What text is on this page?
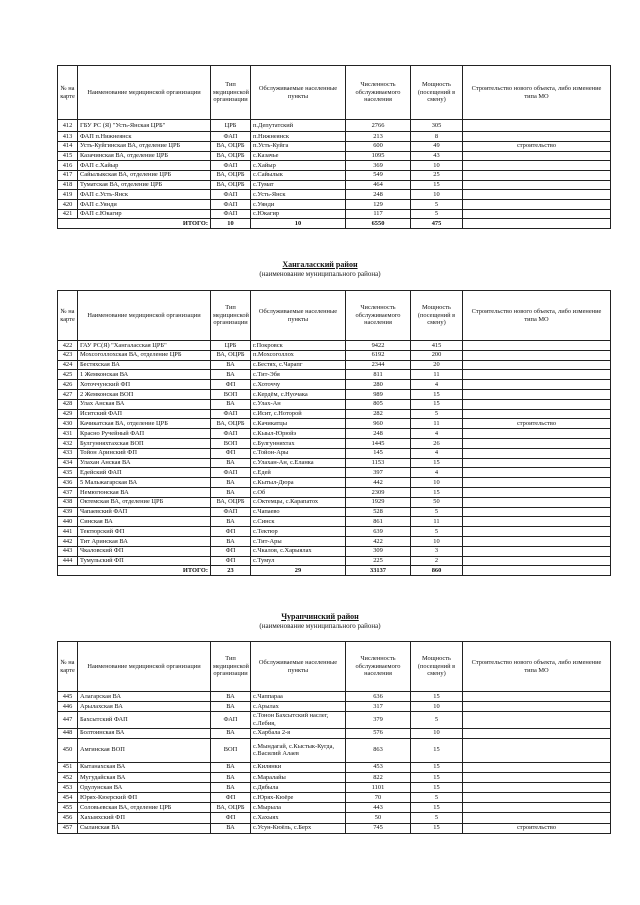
№ на карте	Наименование медицинской организации	Тип медицинской организации	Обслуживаемые населенные пункты	Численность обслуживаемого населения	Мощность (посещений в смену)	Строительство нового объекта, либо изменение типа МО
412	ГБУ РС (Я) "Усть-Янская ЦРБ"	ЦРБ	п.Депутатский	2766	305	
413	ФАП п.Нижнеянск	ФАП	п.Нижнеянск	213	8	
414	Усть-Куйгинская ВА, отделение ЦРБ	ВА, ОЦРБ	п.Усть-Куйга	600	49	строительство
415	Казачинская ВА, отделение ЦРБ	ВА, ОЦРБ	с.Казачье	1095	43	
416	ФАП с.Хайыр	ФАП	с.Хайыр	369	10	
417	Сайылыкская ВА, отделение ЦРБ	ВА, ОЦРБ	с.Сайылык	549	25	
418	Туматская ВА, отделение ЦРБ	ВА, ОЦРБ	с.Тумат	464	15	
419	ФАП с.Усть-Янск	ФАП	с.Усть-Янск	248	10	
420	ФАП с.Уянди	ФАП	с.Уянди	129	5	
421	ФАП с.Юкагир	ФАП	с.Юкагир	117	5	
ИТОГО:		10	10	6550	475	
Хангаласский район
(наименование муниципального района)
№ на карте	Наименование медицинской организации	Тип медицинской организации	Обслуживаемые населенные пункты	Численность обслуживаемого населения	Мощность (посещений в смену)	Строительство нового объекта, либо изменение типа МО
422	ГАУ РС(Я) "Хангаласская ЦРБ"	ЦРБ	г.Покровск	9422	415	
423	Мохсоголлохская ВА, отделение ЦРБ	ВА, ОЦРБ	п.Мохсоголлох	6192	200	
424	Бестяхская ВА	ВА	с.Бестях, с.Чарапг	2344	20	
425	1 Жемконская ВА	ВА	с.Тит-Эбя	811	11	
426	Хоточчунский ФП	ФП	с.Хоточчу	280	4	
427	2 Жемконская ВОП	ВОП	с.Кердём, с.Нуочака	989	15	
428	Улах Анская ВА	ВА	с.Улах-Ан	805	15	
429	Иситский ФАП	ФАП	с.Исит, с.Ноторой	282	5	
430	Качикатская ВА, отделение ЦРБ	ВА, ОЦРБ	с.Качикатцы	960	11	строительство
431	Красно Ручейный ФАП	ФАП	с.Кыыл-Юрюйэ	248	4	
432	Булгунняхтахская ВОП	ВОП	с.Булгунняхтах	1445	26	
433	Тойон Аринский ФП	ФП	с.Тойон-Ары	145	4	
434	Улахан Анская ВА	ВА	с.Улахан-Ан, с.Еланка	1153	15	
435	Едейский ФАП	ФАП	с.Едей	397	4	
436	5 Мальжагарская ВА	ВА	с.Кытыл-Дюра	442	10	
437	Немюгюнская ВА	ВА	с.Об	2309	15	
438	Октемская ВА, отделение ЦРБ	ВА, ОЦРБ	с.Октемцы, с.Карапатох	1929	50	
439	Чапаевский ФАП	ФАП	с.Чапаево	528	5	
440	Синская ВА	ВА	с.Синск	861	11	
441	Тектюрский ФП	ФП	с.Тектюр	639	5	
442	Тит Аринская ВА	ВА	с.Тит-Ары	422	10	
443	Чкаловский ФП	ФП	с.Чкалов, с.Харыялах	309	3	
444	Тумульский ФП	ФП	с.Тумул	225	2	
ИТОГО:		23	29	33137	860	
Чурапчинский район
(наименование муниципального района)
№ на карте	Наименование медицинской организации	Тип медицинской организации	Обслуживаемые населенные пункты	Численность обслуживаемого населения	Мощность (посещений в смену)	Строительство нового объекта, либо изменение типа МО
445	Алагарская ВА	ВА	с.Чаппараа	636	15	
446	Арылахская ВА	ВА	с.Арылах	317	10	
447	Бахсытский ФАП	ФАП	с.Тонон Бахсытский наслег, с.Лебия,	379	5	
448	Болтоинская ВА	ВА	с.Харбала 2-я	576	10	
450	Амгинская ВОП	ВОП	с.Мындагай, с.Кыстык-Кугда, с.Василий Алаев	863	15	
451	Кытанахская ВА	ВА	с.Килянки	453	15	
452	Мугудайская ВА	ВА	с.Маралайы	822	15	
453	Одулунская ВА	ВА	с.Дябыла	1101	15	
454	Юрях-Кюерский ФП	ФП	с.Юрях-Кюёре	70	5	
455	Соловьевская ВА, отделение ЦРБ	ВА, ОЦРБ	с.Мырыла	443	15	
456	Хахыяхский ФП	ФП	с.Хахыях	50	5	
457	Сыланская ВА	ВА	с.Усун-Кюёль, с.Берх	745	15	строительство
